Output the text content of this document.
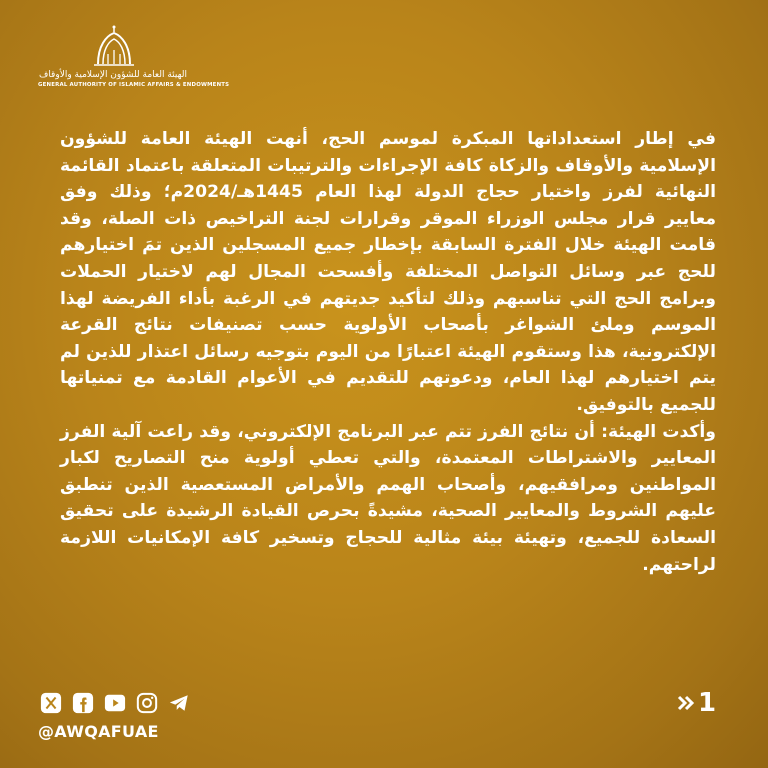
الهيئة العامة للشؤون الإسلامية والأوقاف
GENERAL AUTHORITY OF ISLAMIC AFFAIRS & ENDOWMENTS

في إطار استعداداتها المبكرة لموسم الحج، أنهت الهيئة العامة للشؤون الإسلامية والأوقاف والزكاة كافة الإجراءات والترتيبات المتعلقة باعتماد القائمة النهائية لفرز واختيار حجاج الدولة لهذا العام 1445هـ/2024م؛ وذلك وفق معايير قرار مجلس الوزراء الموقر وقرارات لجنة التراخيص ذات الصلة، وقد قامت الهيئة خلال الفترة السابقة بإخطار جميع المسجلين الذين تمَ اختيارهم للحج عبر وسائل التواصل المختلفة وأفسحت المجال لهم لاختيار الحملات وبرامج الحج التي تناسبهم وذلك لتأكيد جديتهم في الرغبة بأداء الفريضة لهذا الموسم وملئ الشواغر بأصحاب الأولوية حسب تصنيفات نتائج القرعة الإلكترونية، هذا وستقوم الهيئة اعتبارًا من اليوم بتوجيه رسائل اعتذار للذين لم يتم اختيارهم لهذا العام، ودعوتهم للتقديم في الأعوام القادمة مع تمنياتها للجميع بالتوفيق.

وأكدت الهيئة: أن نتائج الفرز تتم عبر البرنامج الإلكتروني، وقد راعت آلية الفرز المعايير والاشتراطات المعتمدة، والتي تعطي أولوية منح التصاريح لكبار المواطنين ومرافقيهم، وأصحاب الهمم والأمراض المستعصية الذين تنطبق عليهم الشروط والمعايير الصحية، مشيدةً بحرص القيادة الرشيدة على تحقيق السعادة للجميع، وتهيئة بيئة مثالية للحجاج وتسخير كافة الإمكانيات اللازمة لراحتهم.

@AWQAFUAE
1
